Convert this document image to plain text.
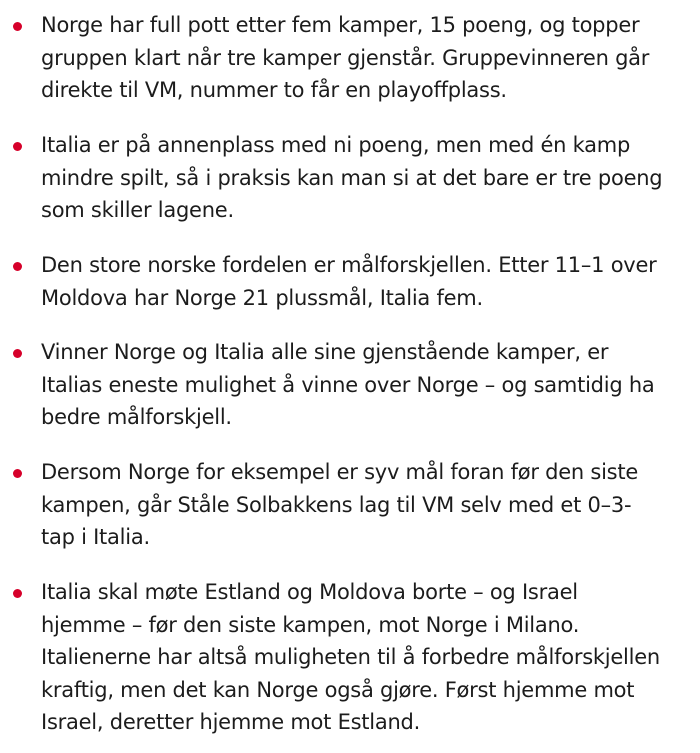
Norge har full pott etter fem kamper, 15 poeng, og topper
gruppen klart når tre kamper gjenstår. Gruppevinneren går
direkte til VM, nummer to får en playoffplass.

Italia er på annenplass med ni poeng, men med én kamp
mindre spilt, så i praksis kan man si at det bare er tre poeng
som skiller lagene.

Den store norske fordelen er målforskjellen. Etter 11–1 over
Moldova har Norge 21 plussmål, Italia fem.

Vinner Norge og Italia alle sine gjenstående kamper, er
Italias eneste mulighet å vinne over Norge – og samtidig ha
bedre målforskjell.

Dersom Norge for eksempel er syv mål foran før den siste
kampen, går Ståle Solbakkens lag til VM selv med et 0–3-
tap i Italia.

Italia skal møte Estland og Moldova borte – og Israel
hjemme – før den siste kampen, mot Norge i Milano.
Italienerne har altså muligheten til å forbedre målforskjellen
kraftig, men det kan Norge også gjøre. Først hjemme mot
Israel, deretter hjemme mot Estland.
